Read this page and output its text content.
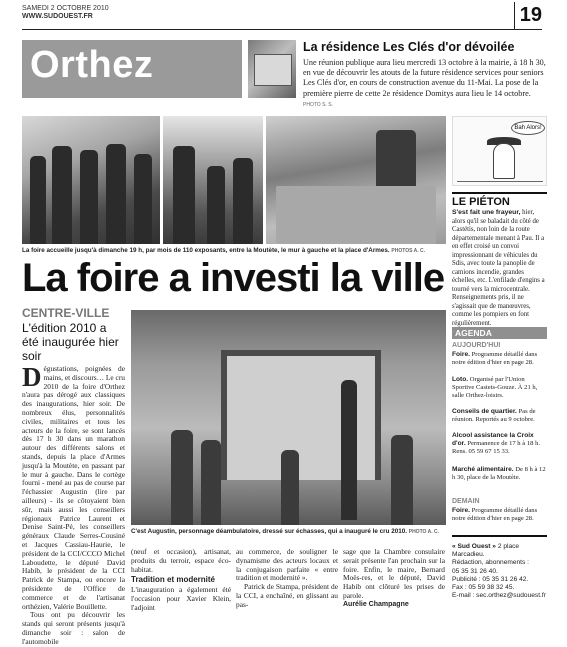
SAMEDI 2 OCTOBRE 2010
WWW.SUDOUEST.FR	19
Orthez	La résidence Les Clés d'or dévoilée
Une réunion publique aura lieu mercredi 13 octobre à la mairie, à 18 h 30, en vue de découvrir les atouts de la future résidence services pour seniors Les Clés d'or, en cours de construction avenue du 11-Mai. La pose de la première pierre de cette 2e résidence Domitys aura lieu le 14 octobre. PHOTO S. S.
La foire accueille jusqu'à dimanche 19 h, par mois de 110 exposants, entre la Moutète, le mur à gauche et la place d'Armes. PHOTOS A. C.
La foire a investi la ville
CENTRE-VILLE
L'édition 2010 a été inaugurée hier soir
D égustations, poignées de mains, et discours… Le cru 2010 de la foire d'Orthez n'aura pas dérogé aux classiques des inaugurations, hier soir. De nombreux élus, personnalités civiles, militaires et tous les acteurs de la foire, se sont lancés dès 17 h 30 dans un marathon autour des différents salons et stands, depuis la place d'Armes jusqu'à la Moutète, en passant par le mur à gauche. Dans le cortège fourni - mené au pas de course par l'échassier Augustin (lire par ailleurs) - ils se côtoyaient bien sûr, mais aussi les conseillers régionaux Patrice Laurent et Denise Saint-Pé, les conseillers généraux Claude Serres-Cousiné et Jacques Cassiau-Haurie, le président de la CCI/CCCO Michel Laboudette, le député David Habib, le président de la CCI Patrick de Stampa, ou encore la présidente de l'Office de commerce et de l'artisanat orthézien, Valérie Bouillette.
Tous ont pu découvrir les stands qui seront présents jusqu'à dimanche soir : salon de l'automobile
C'est Augustin, personnage déambulatoire, dressé sur échasses, qui a inauguré le cru 2010. PHOTO A. C.
(neuf et occasion), artisanat, produits du terroir, espace éco-habitat.
Tradition et modernité
L'inauguration a également été l'occasion pour Xavier Klein, l'adjoint
au commerce, de souligner le dynamisme des acteurs locaux et la conjugaison parfaite « entre tradition et modernité ».
Patrick de Stampa, président de la CCI, a enchaîné, en glissant au pas-
sage que la Chambre consulaire serait présente l'an prochain sur la foire. Enfin, le maire, Bernard Moës-res, et le député, David Habib ont clôturé les prises de parole.
Aurélie Champagne
Bah Alors!
LE PIÉTON
S'est fait une frayeur, hier, alors qu'il se baladait du côté de Castétis, non loin de la route départementale menant à Pau. Il a en effet croisé un convoi impressionnant de véhicules du Sdis, avec toute la panoplie de camions incendie, grandes échelles, etc. L'enfilade d'engins a tourné vers la microcentrale. Renseignements pris, il ne s'agissait que de manœuvres, comme les pompiers en font régulièrement.
AGENDA
AUJOURD'HUI
Foire. Programme détaillé dans notre édition d'hier en page 28.
Loto. Organisé par l'Union Sportive Castets-Gouze. À 21 h, salle Orthez-loisirs.
Conseils de quartier. Pas de réunion. Reportés au 9 octobre.
Alcool assistance la Croix d'or. Permanence de 17 h à 18 h. Rens. 05 59 67 15 33.
Marché alimentaire. De 8 h à 12 h 30, place de la Moutète.
DEMAIN
Foire. Programme détaillé dans notre édition d'hier en page 28.
« Sud Ouest » 2 place Marcadieu.
Rédaction, abonnements :
05 35 31 26 40.
Publicité : 05 35 31 26 42.
Fax : 05 59 38 32 45.
E-mail : sec.orthez@sudouest.fr
